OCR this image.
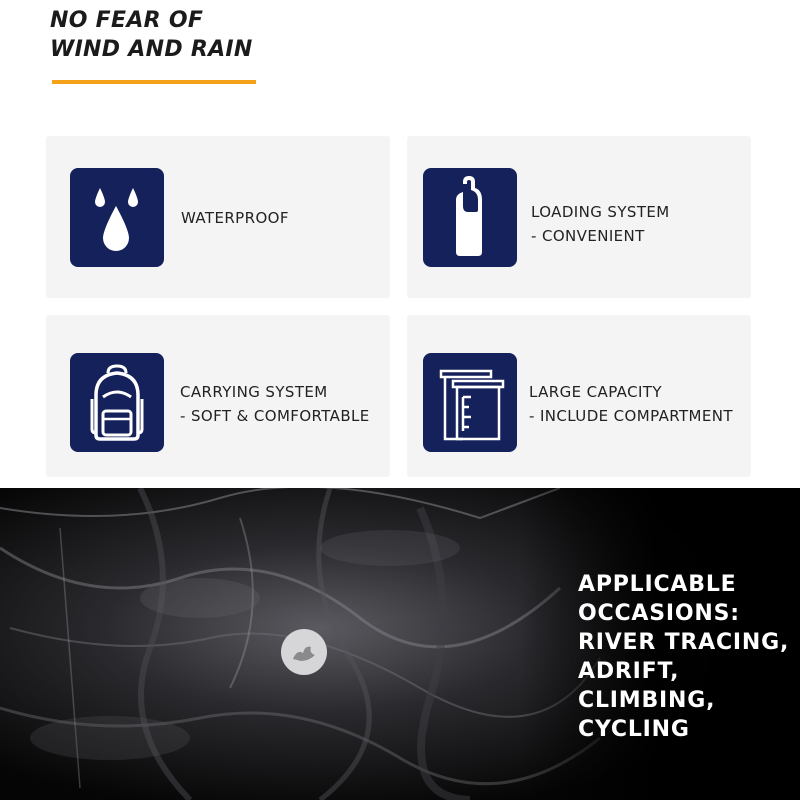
NO FEAR OF
WIND AND RAIN
WATERPROOF	LOADING SYSTEM
- CONVENIENT
CARRYING SYSTEM
- SOFT & COMFORTABLE
LARGE CAPACITY
- INCLUDE COMPARTMENT
APPLICABLE
OCCASIONS:
RIVER TRACING,
ADRIFT,
CLIMBING,
CYCLING
